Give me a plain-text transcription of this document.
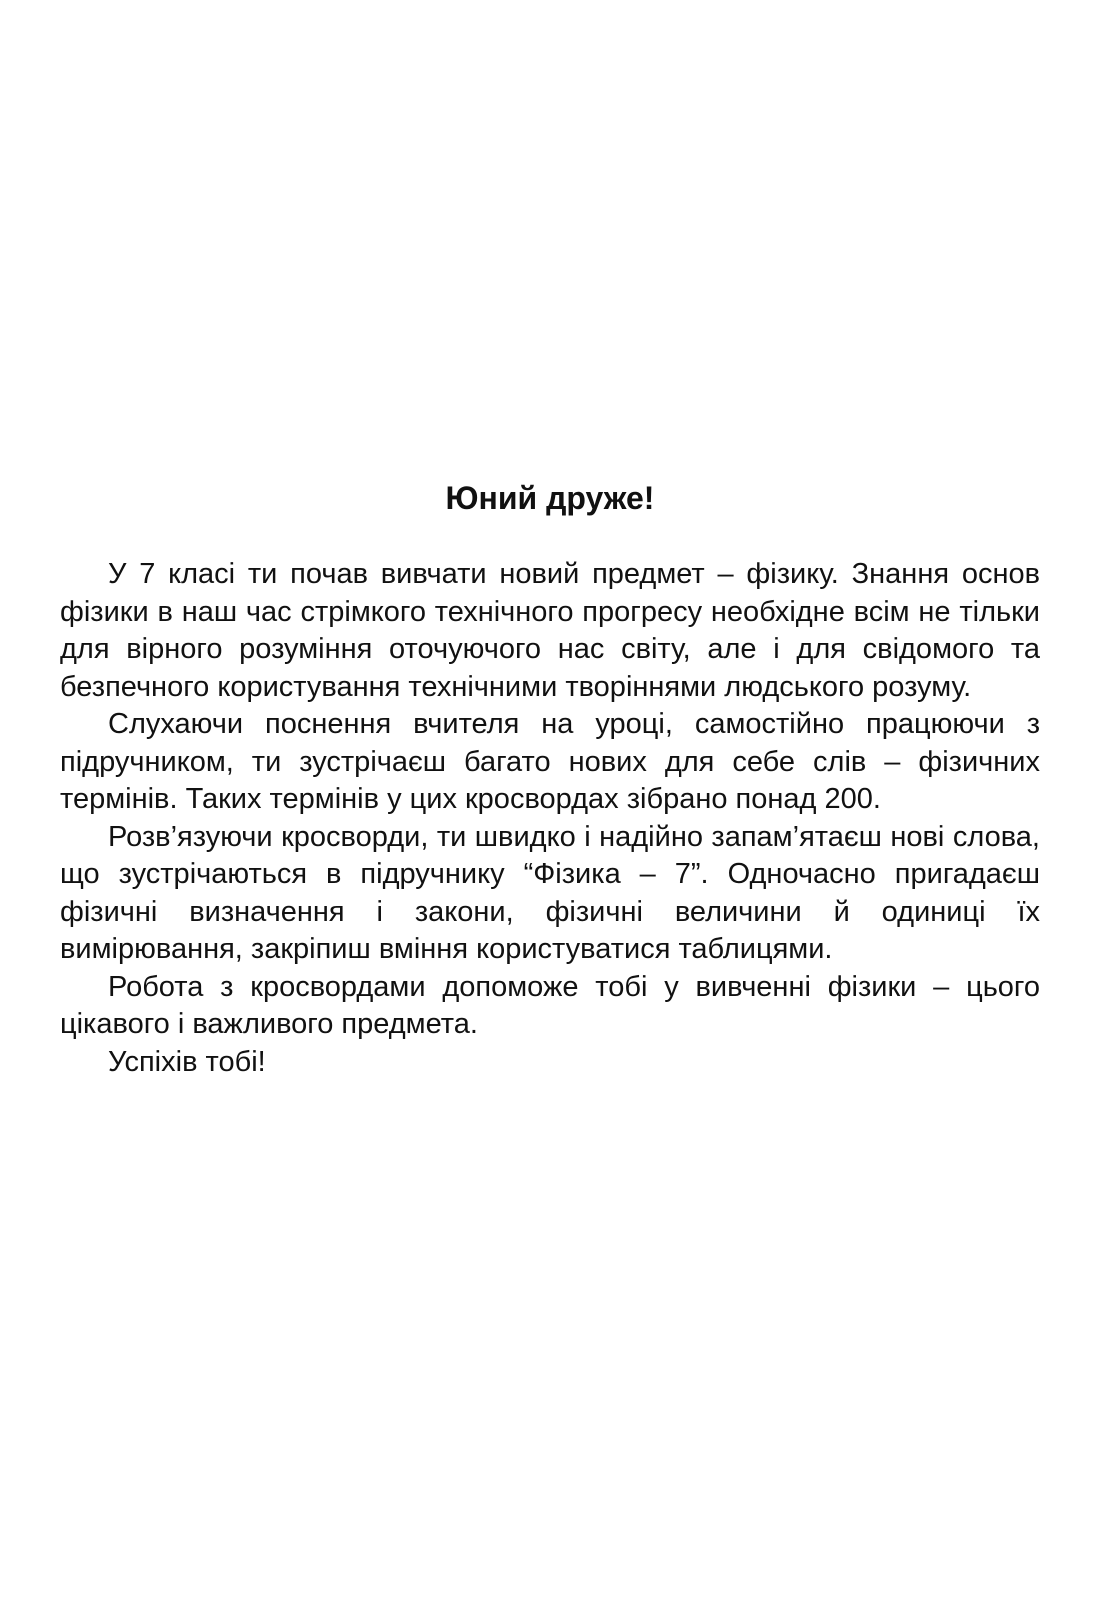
Юний друже!

У 7 класі ти почав вивчати новий предмет – фізику. Знання основ фізики в наш час стрімкого технічного прогресу необхідне всім не тільки для вірного розуміння оточуючого нас світу, але і для свідомого та безпечного користування технічними творіннями людського розуму.

Слухаючи поснення вчителя на уроці, самостійно працюючи з підручником, ти зустрічаєш багато нових для себе слів – фізичних термінів. Таких термінів у цих кросвордах зібрано понад 200.

Розв’язуючи кросворди, ти швидко і надійно запам’ятаєш нові слова, що зустрічаються в підручнику “Фізика – 7”. Одночасно пригадаєш фізичні визначення і закони, фізичні величини й одиниці їх вимірювання, закріпиш вміння користуватися таблицями.

Робота з кросвордами допоможе тобі у вивченні фізики – цього цікавого і важливого предмета.

Успіхів тобі!
